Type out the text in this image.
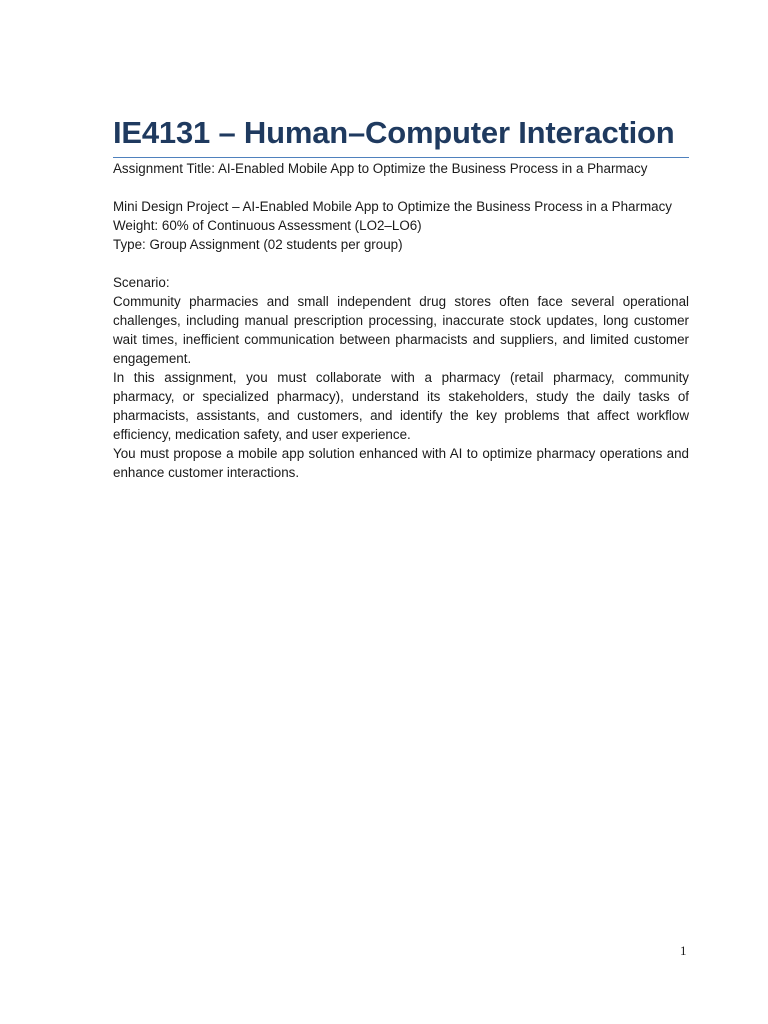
IE4131 – Human–Computer Interaction

Assignment Title: AI-Enabled Mobile App to Optimize the Business Process in a Pharmacy

Mini Design Project – AI-Enabled Mobile App to Optimize the Business Process in a Pharmacy

Weight: 60% of Continuous Assessment (LO2–LO6)

Type: Group Assignment (02 students per group)

Scenario:

Community pharmacies and small independent drug stores often face several operational challenges, including manual prescription processing, inaccurate stock updates, long customer wait times, inefficient communication between pharmacists and suppliers, and limited customer engagement.

In this assignment, you must collaborate with a pharmacy (retail pharmacy, community pharmacy, or specialized pharmacy), understand its stakeholders, study the daily tasks of pharmacists, assistants, and customers, and identify the key problems that affect workflow efficiency, medication safety, and user experience.

You must propose a mobile app solution enhanced with AI to optimize pharmacy operations and enhance customer interactions.

1
